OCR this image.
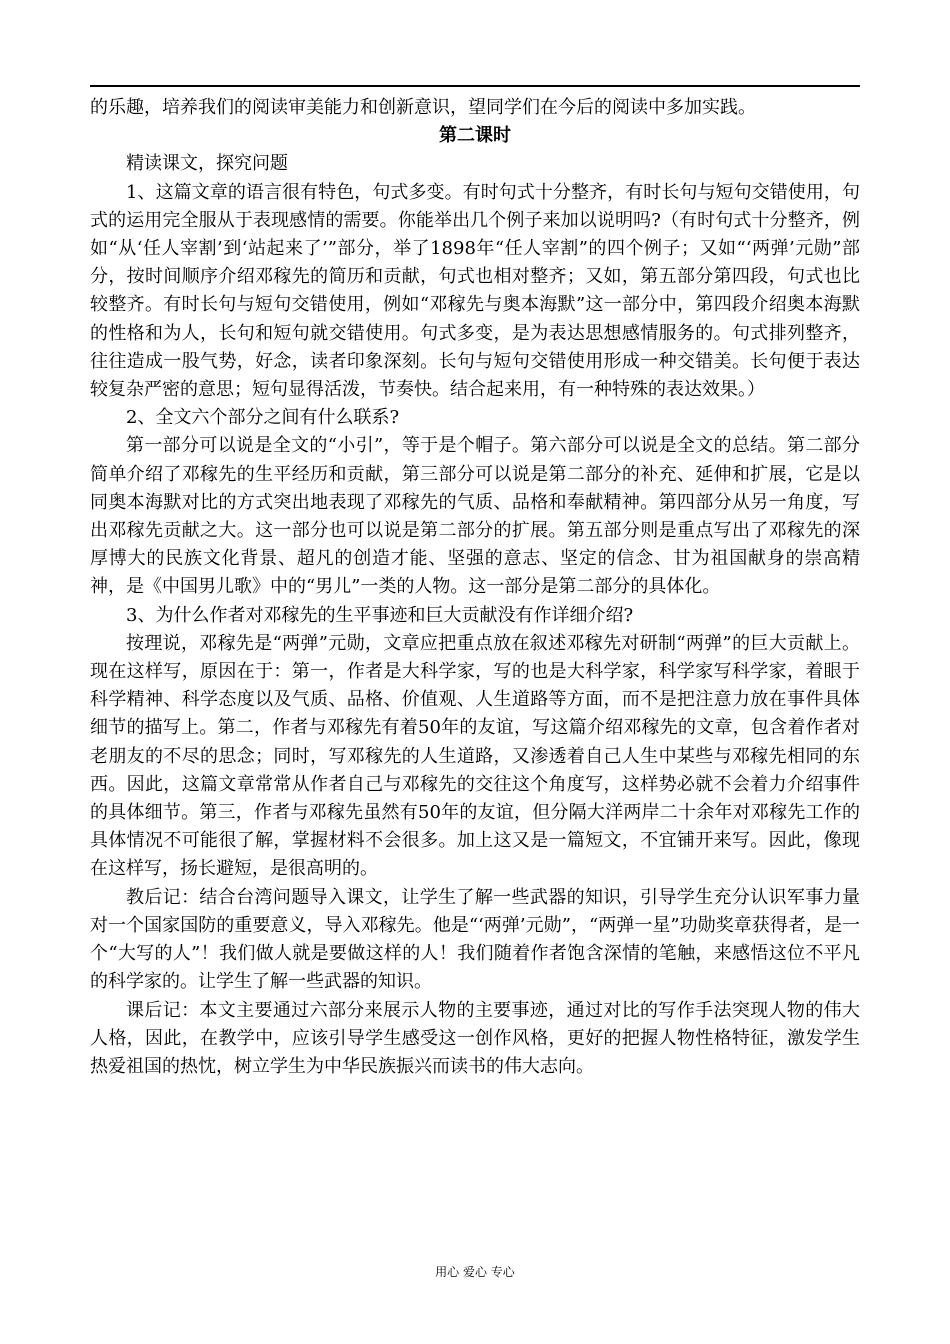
的乐趣，培养我们的阅读审美能力和创新意识，望同学们在今后的阅读中多加实践。

第二课时

精读课文，探究问题

1、这篇文章的语言很有特色，句式多变。有时句式十分整齐，有时长句与短句交错使用，句式的运用完全服从于表现感情的需要。你能举出几个例子来加以说明吗?（有时句式十分整齐，例如“从‘任人宰割’到‘站起来了’”部分，举了1898年“任人宰割”的四个例子；又如“‘两弹’元勋”部分，按时间顺序介绍邓稼先的简历和贡献，句式也相对整齐；又如，第五部分第四段，句式也比较整齐。有时长句与短句交错使用，例如“邓稼先与奥本海默”这一部分中，第四段介绍奥本海默的性格和为人，长句和短句就交错使用。句式多变，是为表达思想感情服务的。句式排列整齐，往往造成一股气势，好念，读者印象深刻。长句与短句交错使用形成一种交错美。长句便于表达较复杂严密的意思；短句显得活泼，节奏快。结合起来用，有一种特殊的表达效果。）

2、全文六个部分之间有什么联系?

第一部分可以说是全文的“小引”，等于是个帽子。第六部分可以说是全文的总结。第二部分简单介绍了邓稼先的生平经历和贡献，第三部分可以说是第二部分的补充、延伸和扩展，它是以同奥本海默对比的方式突出地表现了邓稼先的气质、品格和奉献精神。第四部分从另一角度，写出邓稼先贡献之大。这一部分也可以说是第二部分的扩展。第五部分则是重点写出了邓稼先的深厚博大的民族文化背景、超凡的创造才能、坚强的意志、坚定的信念、甘为祖国献身的崇高精神，是《中国男儿歌》中的“男儿”一类的人物。这一部分是第二部分的具体化。

3、为什么作者对邓稼先的生平事迹和巨大贡献没有作详细介绍?

按理说，邓稼先是“两弹”元勋，文章应把重点放在叙述邓稼先对研制“两弹”的巨大贡献上。现在这样写，原因在于：第一，作者是大科学家，写的也是大科学家，科学家写科学家，着眼于科学精神、科学态度以及气质、品格、价值观、人生道路等方面，而不是把注意力放在事件具体细节的描写上。第二，作者与邓稼先有着50年的友谊，写这篇介绍邓稼先的文章，包含着作者对老朋友的不尽的思念；同时，写邓稼先的人生道路，又渗透着自己人生中某些与邓稼先相同的东西。因此，这篇文章常常从作者自己与邓稼先的交往这个角度写，这样势必就不会着力介绍事件的具体细节。第三，作者与邓稼先虽然有50年的友谊，但分隔大洋两岸二十余年对邓稼先工作的具体情况不可能很了解，掌握材料不会很多。加上这又是一篇短文，不宜铺开来写。因此，像现在这样写，扬长避短，是很高明的。

教后记：结合台湾问题导入课文，让学生了解一些武器的知识，引导学生充分认识军事力量对一个国家国防的重要意义，导入邓稼先。他是“‘两弹’元勋”，“两弹一星”功勋奖章获得者，是一个“大写的人”！我们做人就是要做这样的人！我们随着作者饱含深情的笔触，来感悟这位不平凡的科学家的。让学生了解一些武器的知识。

课后记：本文主要通过六部分来展示人物的主要事迹，通过对比的写作手法突现人物的伟大人格，因此，在教学中，应该引导学生感受这一创作风格，更好的把握人物性格特征，激发学生热爱祖国的热忱，树立学生为中华民族振兴而读书的伟大志向。

用心 爱心 专心
